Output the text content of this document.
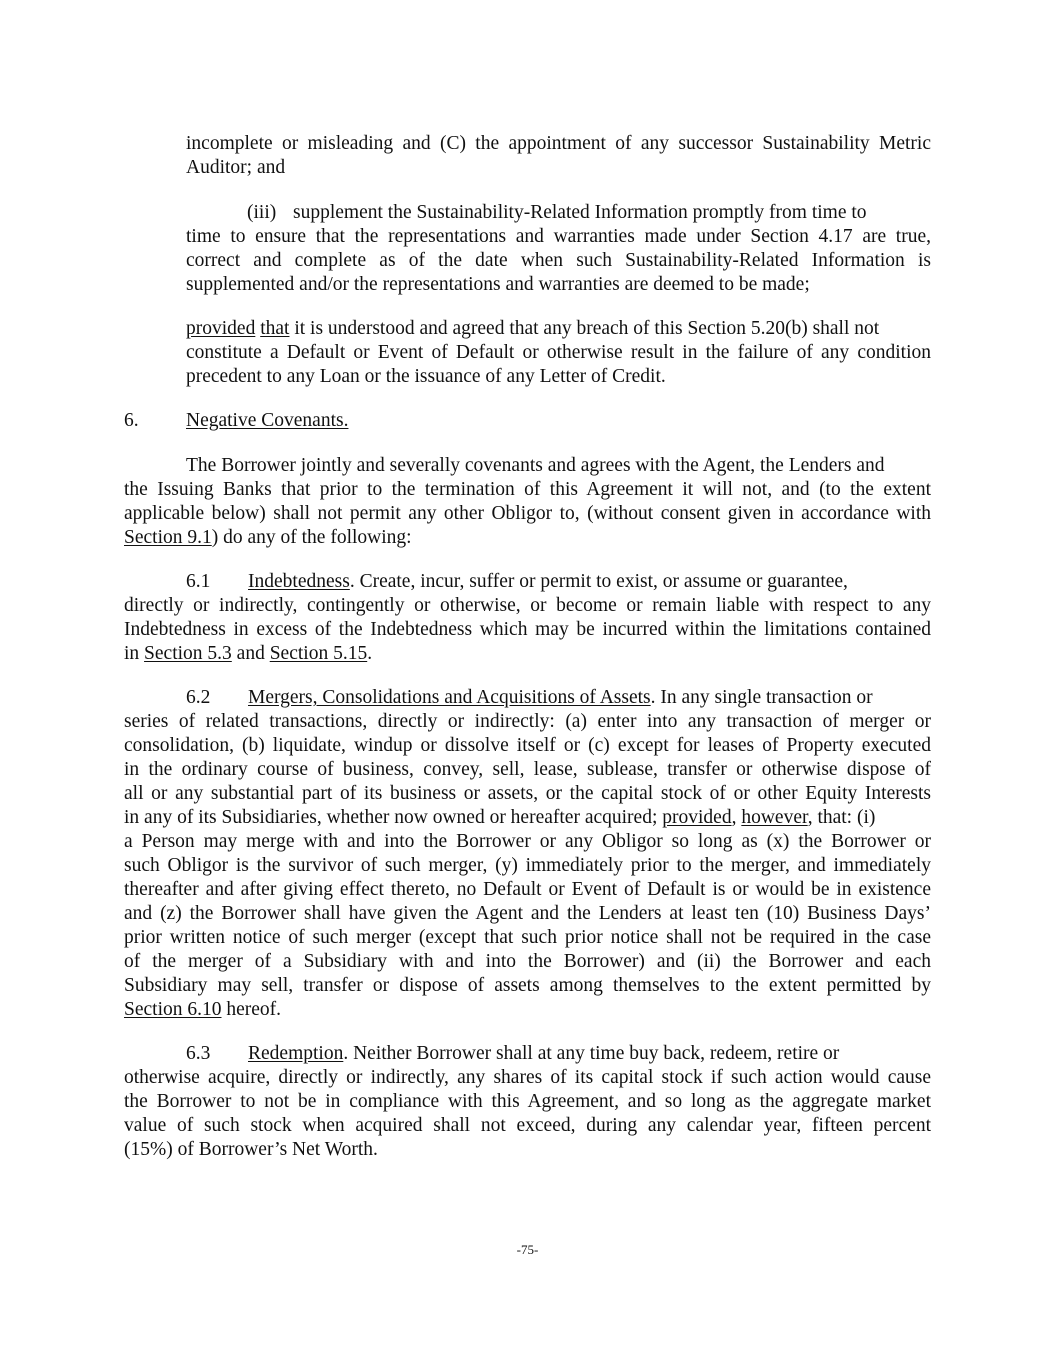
incomplete or misleading and (C) the appointment of any successor Sustainability Metric
Auditor; and
(iii) supplement the Sustainability-Related Information promptly from time to
time to ensure that the representations and warranties made under Section 4.17 are true,
correct and complete as of the date when such Sustainability-Related Information is
supplemented and/or the representations and warranties are deemed to be made;
provided that it is understood and agreed that any breach of this Section 5.20(b) shall not
constitute a Default or Event of Default or otherwise result in the failure of any condition
precedent to any Loan or the issuance of any Letter of Credit.
6. Negative Covenants.
The Borrower jointly and severally covenants and agrees with the Agent, the Lenders and
the Issuing Banks that prior to the termination of this Agreement it will not, and (to the extent
applicable below) shall not permit any other Obligor to, (without consent given in accordance with
Section 9.1) do any of the following:
6.1 Indebtedness. Create, incur, suffer or permit to exist, or assume or guarantee,
directly or indirectly, contingently or otherwise, or become or remain liable with respect to any
Indebtedness in excess of the Indebtedness which may be incurred within the limitations contained
in Section 5.3 and Section 5.15.
6.2 Mergers, Consolidations and Acquisitions of Assets. In any single transaction or
series of related transactions, directly or indirectly: (a) enter into any transaction of merger or
consolidation, (b) liquidate, windup or dissolve itself or (c) except for leases of Property executed
in the ordinary course of business, convey, sell, lease, sublease, transfer or otherwise dispose of
all or any substantial part of its business or assets, or the capital stock of or other Equity Interests
in any of its Subsidiaries, whether now owned or hereafter acquired; provided, however, that: (i)
a Person may merge with and into the Borrower or any Obligor so long as (x) the Borrower or
such Obligor is the survivor of such merger, (y) immediately prior to the merger, and immediately
thereafter and after giving effect thereto, no Default or Event of Default is or would be in existence
and (z) the Borrower shall have given the Agent and the Lenders at least ten (10) Business Days’
prior written notice of such merger (except that such prior notice shall not be required in the case
of the merger of a Subsidiary with and into the Borrower) and (ii) the Borrower and each
Subsidiary may sell, transfer or dispose of assets among themselves to the extent permitted by
Section 6.10 hereof.
6.3 Redemption. Neither Borrower shall at any time buy back, redeem, retire or
otherwise acquire, directly or indirectly, any shares of its capital stock if such action would cause
the Borrower to not be in compliance with this Agreement, and so long as the aggregate market
value of such stock when acquired shall not exceed, during any calendar year, fifteen percent
(15%) of Borrower’s Net Worth.
-75-
